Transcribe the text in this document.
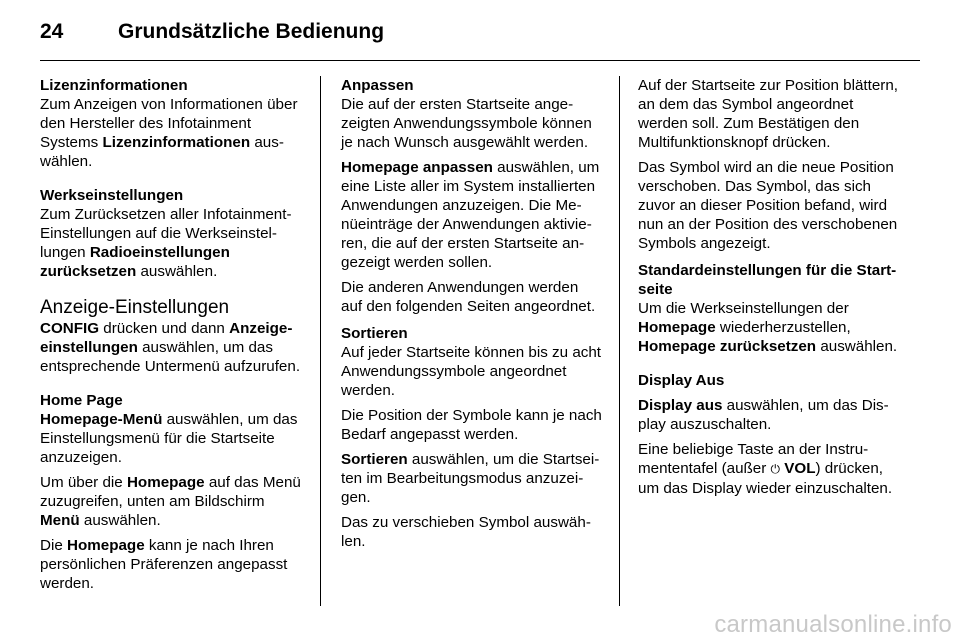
24	Grundsätzliche Bedienung
Lizenzinformationen
Zum Anzeigen von Informationen über den Hersteller des Infotainment Systems Lizenzinformationen auswählen.
Werkseinstellungen
Zum Zurücksetzen aller Infotainment-Einstellungen auf die Werkseinstellungen Radioeinstellungen zurücksetzen auswählen.
Anzeige-Einstellungen
CONFIG drücken und dann Anzeigeeinstellungen auswählen, um das entsprechende Untermenü aufzurufen.
Home Page

Homepage-Menü auswählen, um das Einstellungsmenü für die Startseite anzuzeigen.

Um über die Homepage auf das Menü zuzugreifen, unten am Bildschirm Menü auswählen.

Die Homepage kann je nach Ihren persönlichen Präferenzen angepasst werden.

Anpassen

Die auf der ersten Startseite angezeigten Anwendungssymbole können je nach Wunsch ausgewählt werden.

Homepage anpassen auswählen, um eine Liste aller im System installierten Anwendungen anzuzeigen. Die Menüeinträge der Anwendungen aktivieren, die auf der ersten Startseite angezeigt werden sollen.

Die anderen Anwendungen werden auf den folgenden Seiten angeordnet.

Sortieren

Auf jeder Startseite können bis zu acht Anwendungssymbole angeordnet werden.

Die Position der Symbole kann je nach Bedarf angepasst werden.

Sortieren auswählen, um die Startseiten im Bearbeitungsmodus anzuzeigen.

Das zu verschieben Symbol auswählen.

Auf der Startseite zur Position blättern, an dem das Symbol angeordnet werden soll. Zum Bestätigen den Multifunktionsknopf drücken.

Das Symbol wird an die neue Position verschoben. Das Symbol, das sich zuvor an dieser Position befand, wird nun an der Position des verschobenen Symbols angezeigt.

Standardeinstellungen für die Startseite
Um die Werkseinstellungen der Homepage wiederherzustellen, Homepage zurücksetzen auswählen.
Display Aus

Display aus auswählen, um das Display auszuschalten.

Eine beliebige Taste an der Instrumententafel (außer ⏻ VOL) drücken, um das Display wieder einzuschalten.

carmanualsonline.info
